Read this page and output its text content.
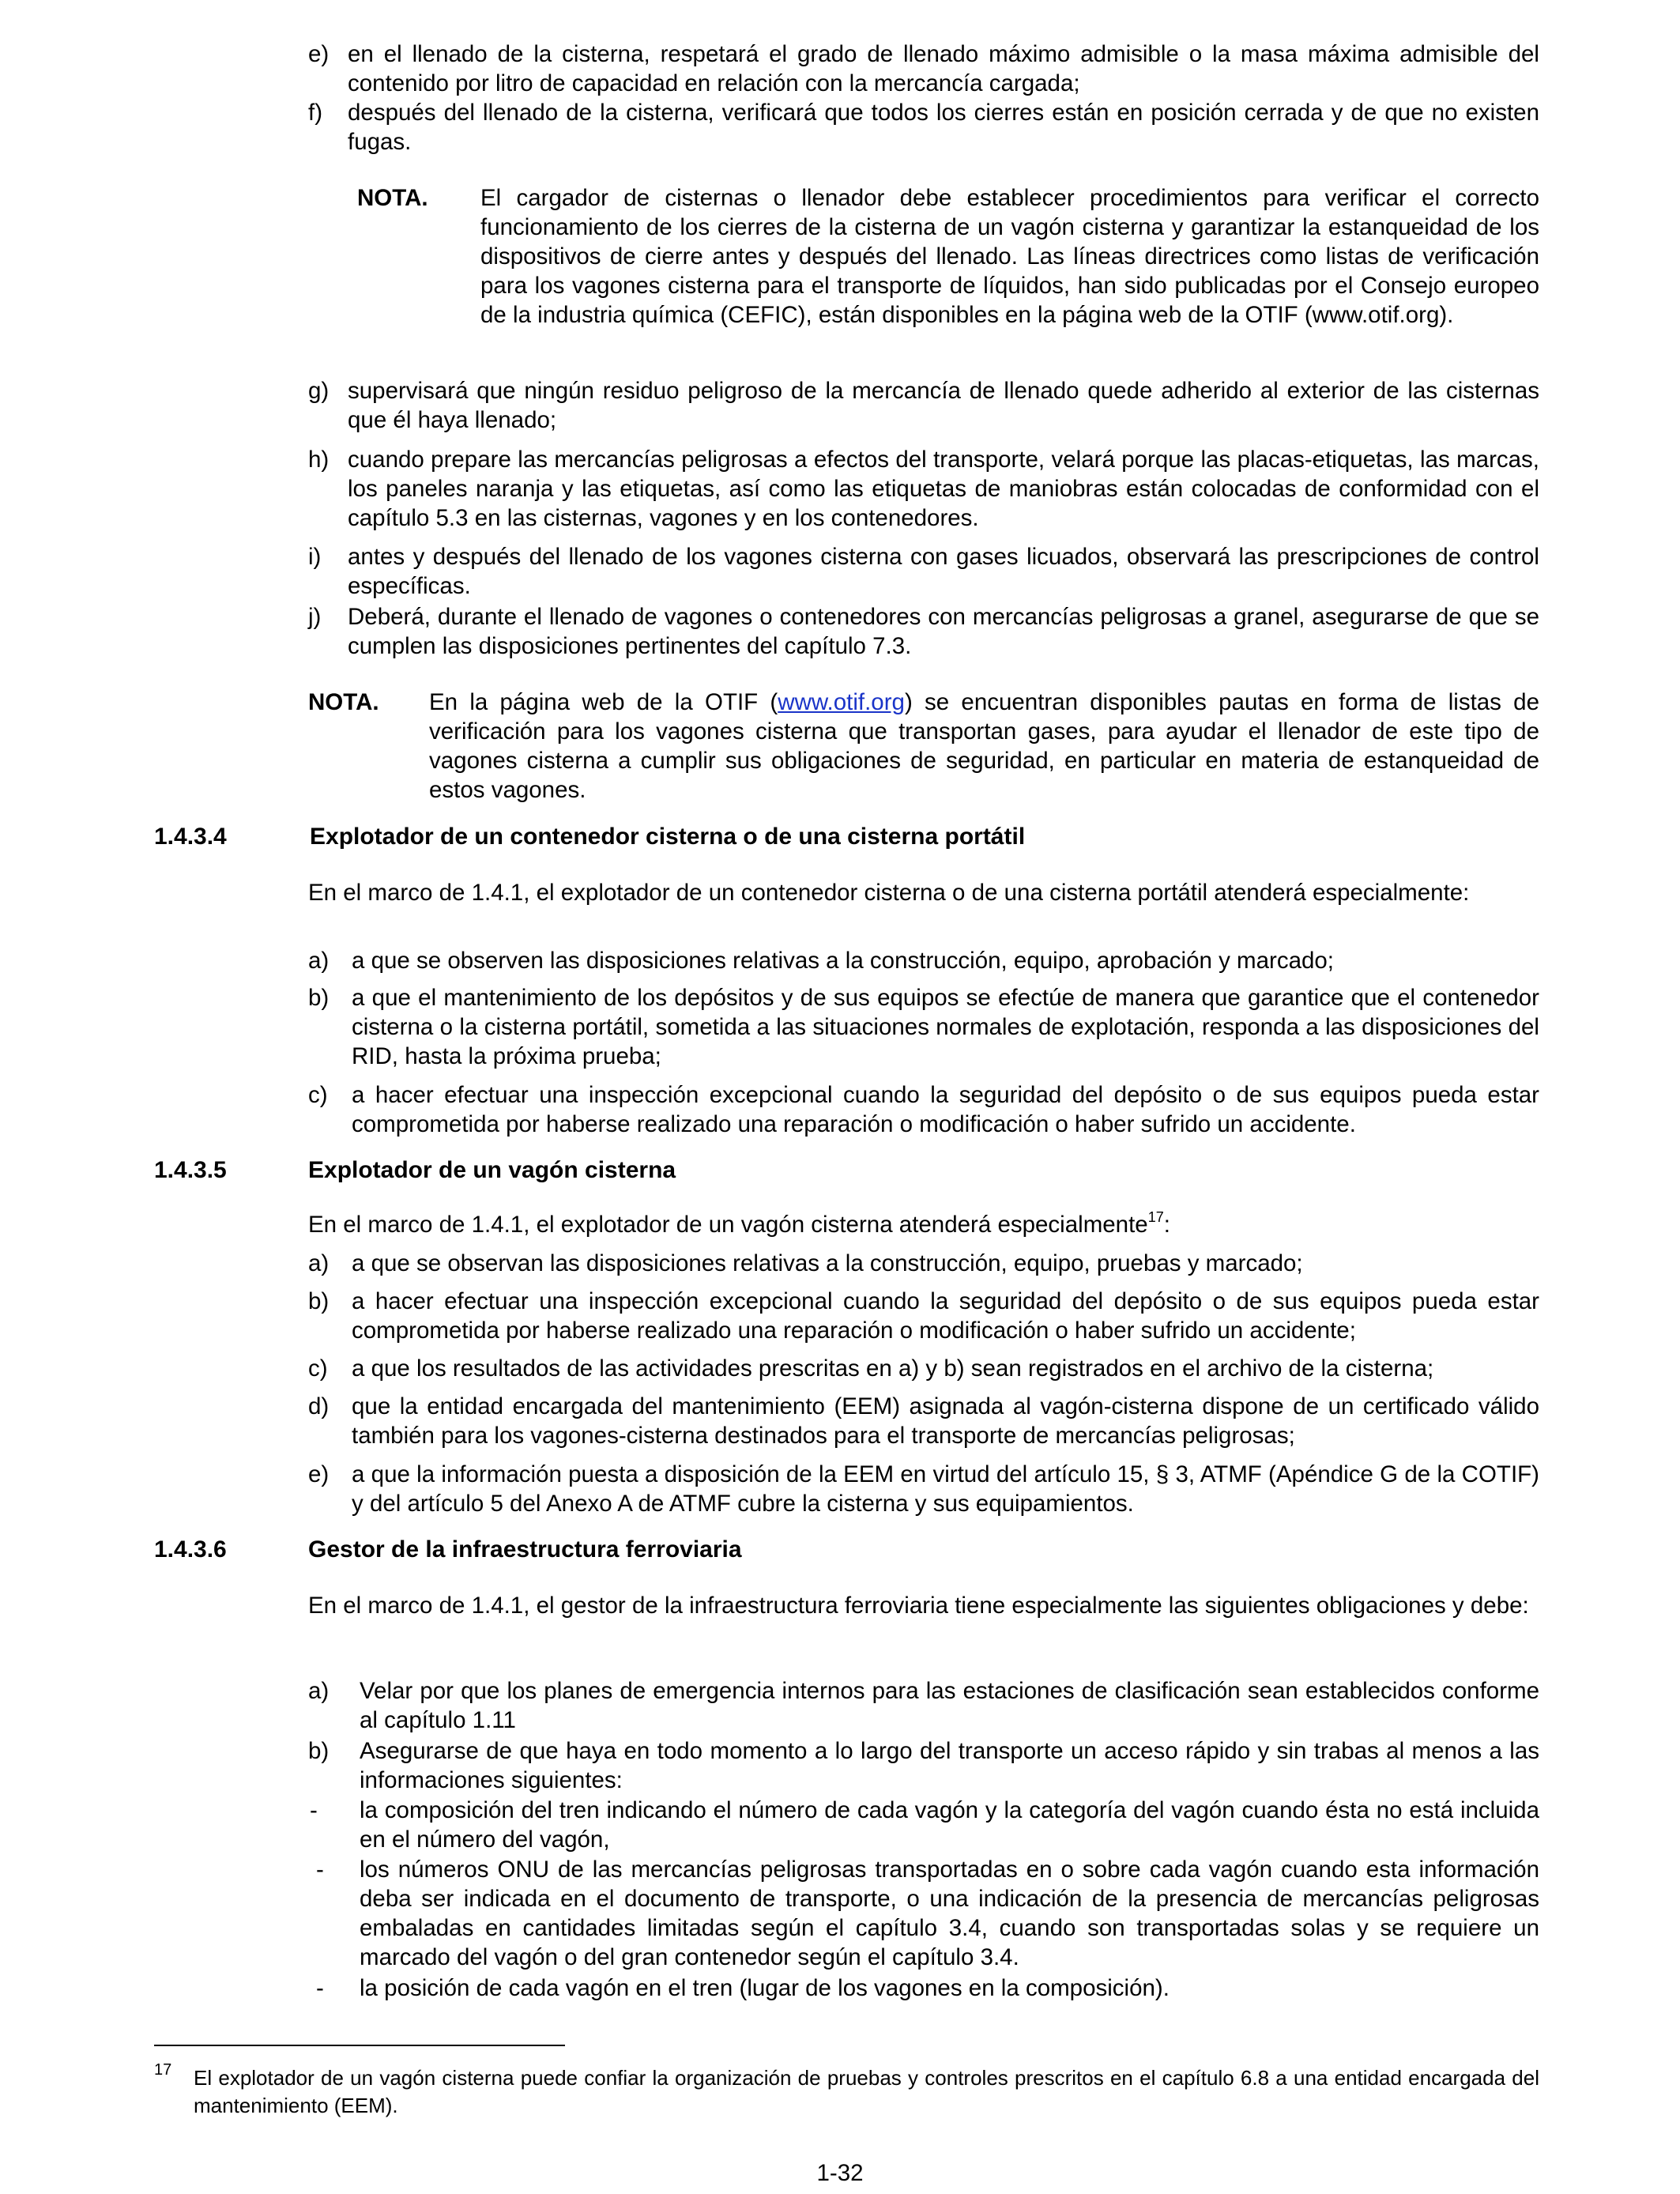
e) en el llenado de la cisterna, respetará el grado de llenado máximo admisible o la masa máxima admisible del contenido por litro de capacidad en relación con la mercancía cargada;
f) después del llenado de la cisterna, verificará que todos los cierres están en posición cerrada y de que no existen fugas.
NOTA. El cargador de cisternas o llenador debe establecer procedimientos para verificar el correcto funcionamiento de los cierres de la cisterna de un vagón cisterna y garantizar la estanqueidad de los dispositivos de cierre antes y después del llenado. Las líneas directrices como listas de verificación para los vagones cisterna para el transporte de líquidos, han sido publicadas por el Consejo europeo de la industria química (CEFIC), están disponibles en la página web de la OTIF (www.otif.org).
g) supervisará que ningún residuo peligroso de la mercancía de llenado quede adherido al exterior de las cisternas que él haya llenado;
h) cuando prepare las mercancías peligrosas a efectos del transporte, velará porque las placas-etiquetas, las marcas, los paneles naranja y las etiquetas, así como las etiquetas de maniobras están colocadas de conformidad con el capítulo 5.3 en las cisternas, vagones y en los contenedores.
i) antes y después del llenado de los vagones cisterna con gases licuados, observará las prescripciones de control específicas.
j) Deberá, durante el llenado de vagones o contenedores con mercancías peligrosas a granel, asegurarse de que se cumplen las disposiciones pertinentes del capítulo 7.3.
NOTA. En la página web de la OTIF (www.otif.org) se encuentran disponibles pautas en forma de listas de verificación para los vagones cisterna que transportan gases, para ayudar el llenador de este tipo de vagones cisterna a cumplir sus obligaciones de seguridad, en particular en materia de estanqueidad de estos vagones.
1.4.3.4	Explotador de un contenedor cisterna o de una cisterna portátil
En el marco de 1.4.1, el explotador de un contenedor cisterna o de una cisterna portátil atenderá especialmente:
a) a que se observen las disposiciones relativas a la construcción, equipo, aprobación y marcado;
b) a que el mantenimiento de los depósitos y de sus equipos se efectúe de manera que garantice que el contenedor cisterna o la cisterna portátil, sometida a las situaciones normales de explotación, responda a las disposiciones del RID, hasta la próxima prueba;
c) a hacer efectuar una inspección excepcional cuando la seguridad del depósito o de sus equipos pueda estar comprometida por haberse realizado una reparación o modificación o haber sufrido un accidente.
1.4.3.5	Explotador de un vagón cisterna
En el marco de 1.4.1, el explotador de un vagón cisterna atenderá especialmente$^{17}$:
a) a que se observan las disposiciones relativas a la construcción, equipo, pruebas y marcado;
b) a hacer efectuar una inspección excepcional cuando la seguridad del depósito o de sus equipos pueda estar comprometida por haberse realizado una reparación o modificación o haber sufrido un accidente;
c) a que los resultados de las actividades prescritas en a) y b) sean registrados en el archivo de la cisterna;
d) que la entidad encargada del mantenimiento (EEM) asignada al vagón-cisterna dispone de un certificado válido también para los vagones-cisterna destinados para el transporte de mercancías peligrosas;
e) a que la información puesta a disposición de la EEM en virtud del artículo 15, § 3, ATMF (Apéndice G de la COTIF) y del artículo 5 del Anexo A de ATMF cubre la cisterna y sus equipamientos.
1.4.3.6	Gestor de la infraestructura ferroviaria
En el marco de 1.4.1, el gestor de la infraestructura ferroviaria tiene especialmente las siguientes obligaciones y debe:
a) Velar por que los planes de emergencia internos para las estaciones de clasificación sean establecidos conforme al capítulo 1.11
b) Asegurarse de que haya en todo momento a lo largo del transporte un acceso rápido y sin trabas al menos a las informaciones siguientes:
- la composición del tren indicando el número de cada vagón y la categoría del vagón cuando ésta no está incluida en el número del vagón,
- los números ONU de las mercancías peligrosas transportadas en o sobre cada vagón cuando esta información deba ser indicada en el documento de transporte, o una indicación de la presencia de mercancías peligrosas embaladas en cantidades limitadas según el capítulo 3.4, cuando son transportadas solas y se requiere un marcado del vagón o del gran contenedor según el capítulo 3.4.
- la posición de cada vagón en el tren (lugar de los vagones en la composición).
17 El explotador de un vagón cisterna puede confiar la organización de pruebas y controles prescritos en el capítulo 6.8 a una entidad encargada del mantenimiento (EEM).
1-32
